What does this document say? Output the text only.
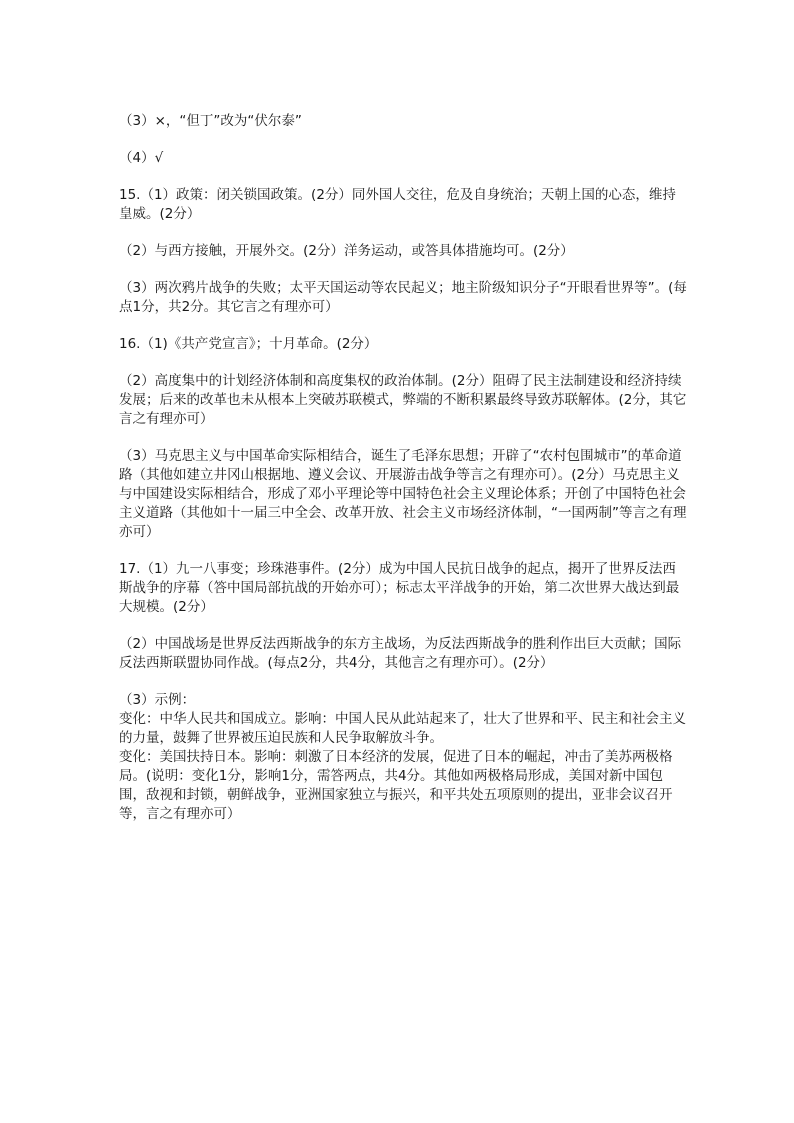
（3）×，“但丁”改为“伏尔泰”

（4）√

15.（1）政策：闭关锁国政策。(2分）同外国人交往，危及自身统治；天朝上国的心态，维持皇威。(2分）

（2）与西方接触，开展外交。(2分）洋务运动，或答具体措施均可。(2分）

（3）两次鸦片战争的失败；太平天国运动等农民起义；地主阶级知识分子“开眼看世界等”。(每点1分，共2分。其它言之有理亦可）

16.（1)《共产党宣言》；十月革命。(2分）

（2）高度集中的计划经济体制和高度集权的政治体制。(2分）阻碍了民主法制建设和经济持续发展；后来的改革也未从根本上突破苏联模式，弊端的不断积累最终导致苏联解体。(2分，其它言之有理亦可）

（3）马克思主义与中国革命实际相结合，诞生了毛泽东思想；开辟了“农村包围城市”的革命道路（其他如建立井冈山根据地、遵义会议、开展游击战争等言之有理亦可）。(2分）马克思主义与中国建设实际相结合，形成了邓小平理论等中国特色社会主义理论体系；开创了中国特色社会主义道路（其他如十一届三中全会、改革开放、社会主义市场经济体制，“一国两制”等言之有理亦可）

17.（1）九一八事变；珍珠港事件。(2分）成为中国人民抗日战争的起点，揭开了世界反法西斯战争的序幕（答中国局部抗战的开始亦可）；标志太平洋战争的开始，第二次世界大战达到最大规模。(2分）

（2）中国战场是世界反法西斯战争的东方主战场，为反法西斯战争的胜利作出巨大贡献；国际反法西斯联盟协同作战。(每点2分，共4分，其他言之有理亦可）。(2分）

（3）示例：
变化：中华人民共和国成立。影响：中国人民从此站起来了，壮大了世界和平、民主和社会主义的力量，鼓舞了世界被压迫民族和人民争取解放斗争。
变化：美国扶持日本。影响：刺激了日本经济的发展，促进了日本的崛起，冲击了美苏两极格局。(说明：变化1分，影响1分，需答两点，共4分。其他如两极格局形成，美国对新中国包围，敌视和封锁，朝鲜战争，亚洲国家独立与振兴，和平共处五项原则的提出，亚非会议召开等，言之有理亦可）
